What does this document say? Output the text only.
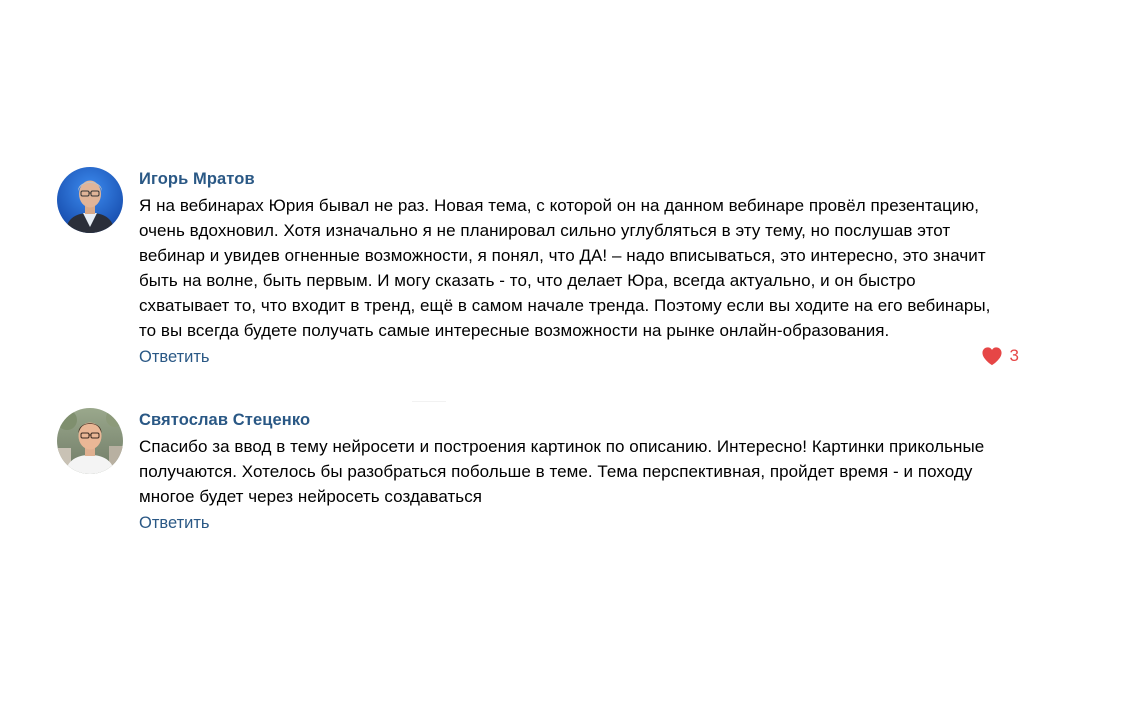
Игорь Мратов
Я на вебинарах Юрия бывал не раз. Новая тема, с которой он на данном вебинаре провёл презентацию,
очень вдохновил. Хотя изначально я не планировал сильно углубляться в эту тему, но послушав этот
вебинар и увидев огненные возможности, я понял, что ДА! – надо вписываться, это интересно, это значит
быть на волне, быть первым. И могу сказать - то, что делает Юра, всегда актуально, и он быстро
схватывает то, что входит в тренд, ещё в самом начале тренда. Поэтому если вы ходите на его вебинары,
то вы всегда будете получать самые интересные возможности на рынке онлайн-образования.
Ответить	3
Святослав Стеценко
Спасибо за ввод в тему нейросети и построения картинок по описанию. Интересно! Картинки прикольные
получаются. Хотелось бы разобраться побольше в теме. Тема перспективная, пройдет время - и походу
многое будет через нейросеть создаваться
Ответить
